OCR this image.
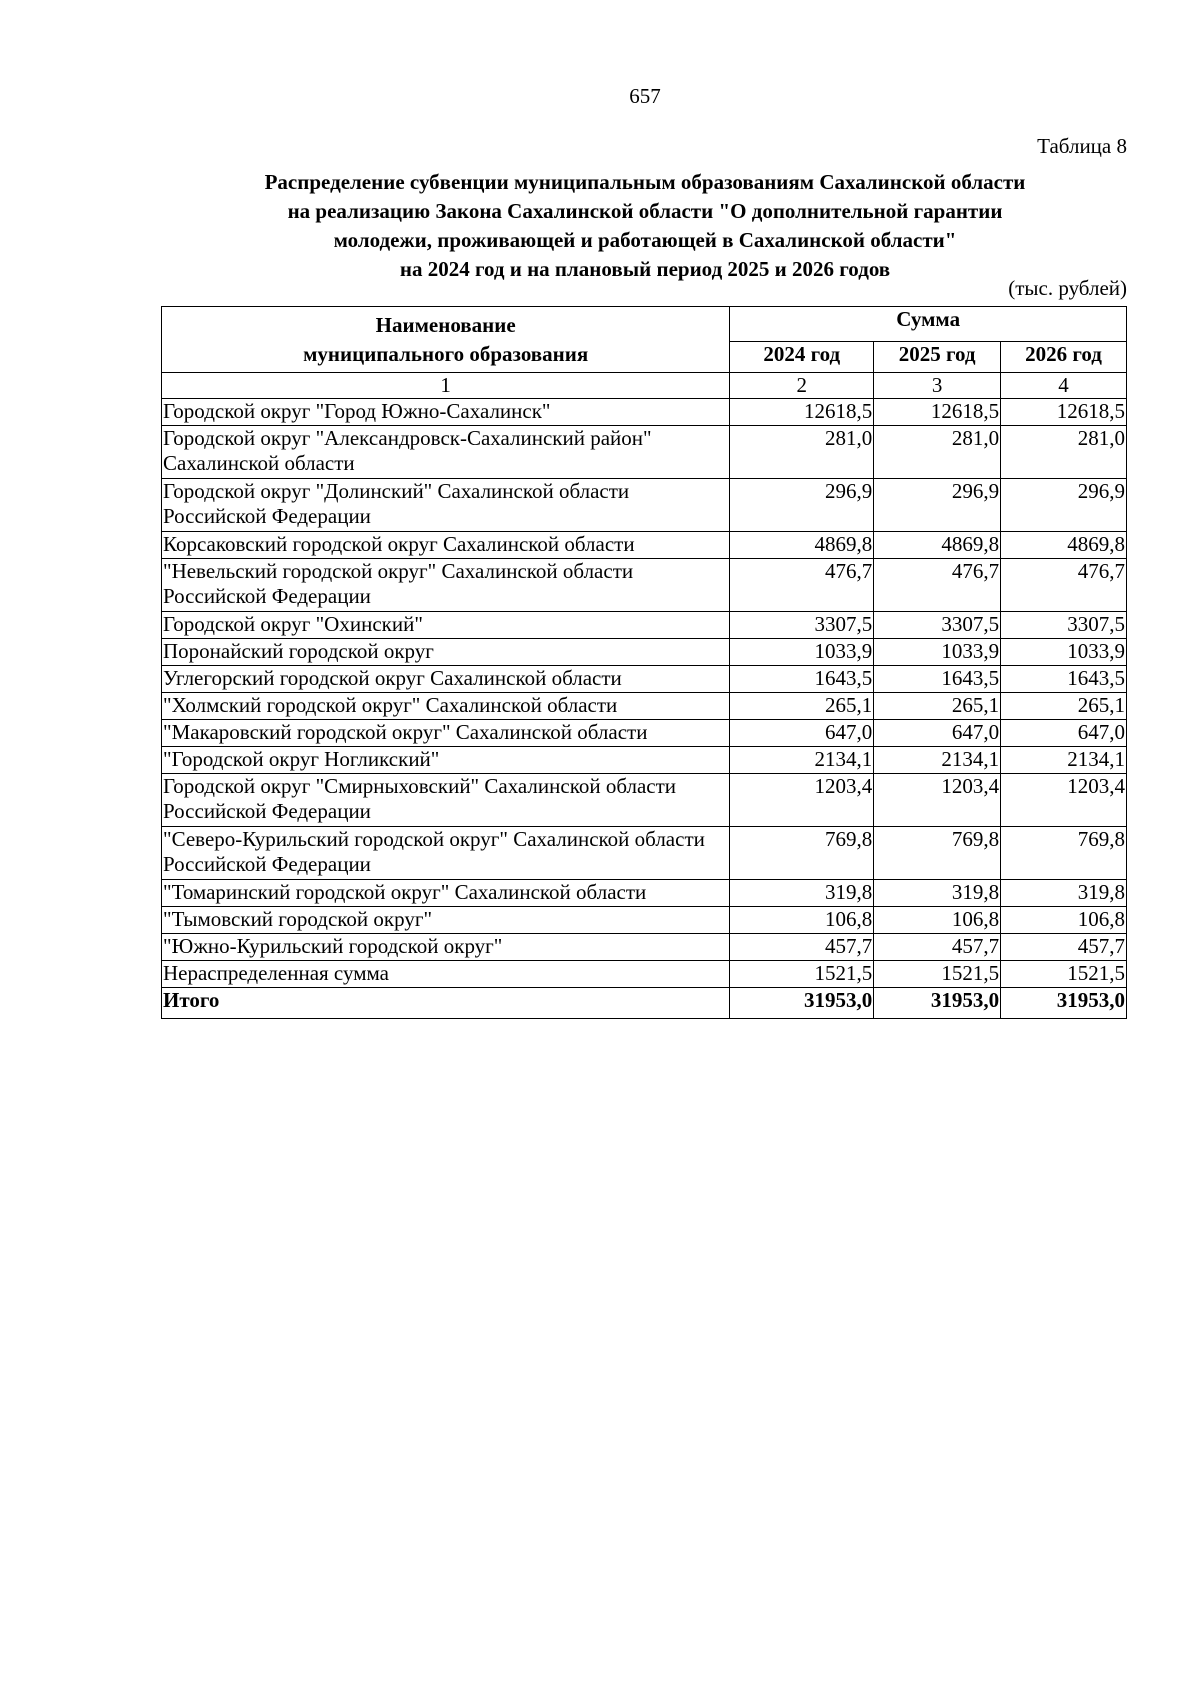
657
Таблица 8
Распределение субвенции муниципальным образованиям Сахалинской области
на реализацию Закона Сахалинской области "О дополнительной гарантии
молодежи, проживающей и работающей в Сахалинской области"
на 2024 год и на плановый период 2025 и 2026 годов
(тыс. рублей)
Наименование
муниципального образования	Сумма		
	2024 год	2025 год	2026 год
1	2	3	4
Городской округ "Город Южно-Сахалинск"	12618,5	12618,5	12618,5
Городской округ "Александровск-Сахалинский район" Сахалинской области	281,0	281,0	281,0
Городской округ "Долинский" Сахалинской области Российской Федерации	296,9	296,9	296,9
Корсаковский городской округ Сахалинской области	4869,8	4869,8	4869,8
"Невельский городской округ" Сахалинской области Российской Федерации	476,7	476,7	476,7
Городской округ "Охинский"	3307,5	3307,5	3307,5
Поронайский городской округ	1033,9	1033,9	1033,9
Углегорский городской округ Сахалинской области	1643,5	1643,5	1643,5
"Холмский городской округ" Сахалинской области	265,1	265,1	265,1
"Макаровский городской округ" Сахалинской области	647,0	647,0	647,0
"Городской округ Ногликский"	2134,1	2134,1	2134,1
Городской округ "Смирныховский" Сахалинской области Российской Федерации	1203,4	1203,4	1203,4
"Северо-Курильский городской округ" Сахалинской области Российской Федерации	769,8	769,8	769,8
"Томаринский городской округ" Сахалинской области	319,8	319,8	319,8
"Тымовский городской округ"	106,8	106,8	106,8
"Южно-Курильский городской округ"	457,7	457,7	457,7
Нераспределенная сумма	1521,5	1521,5	1521,5
Итого	31953,0	31953,0	31953,0
